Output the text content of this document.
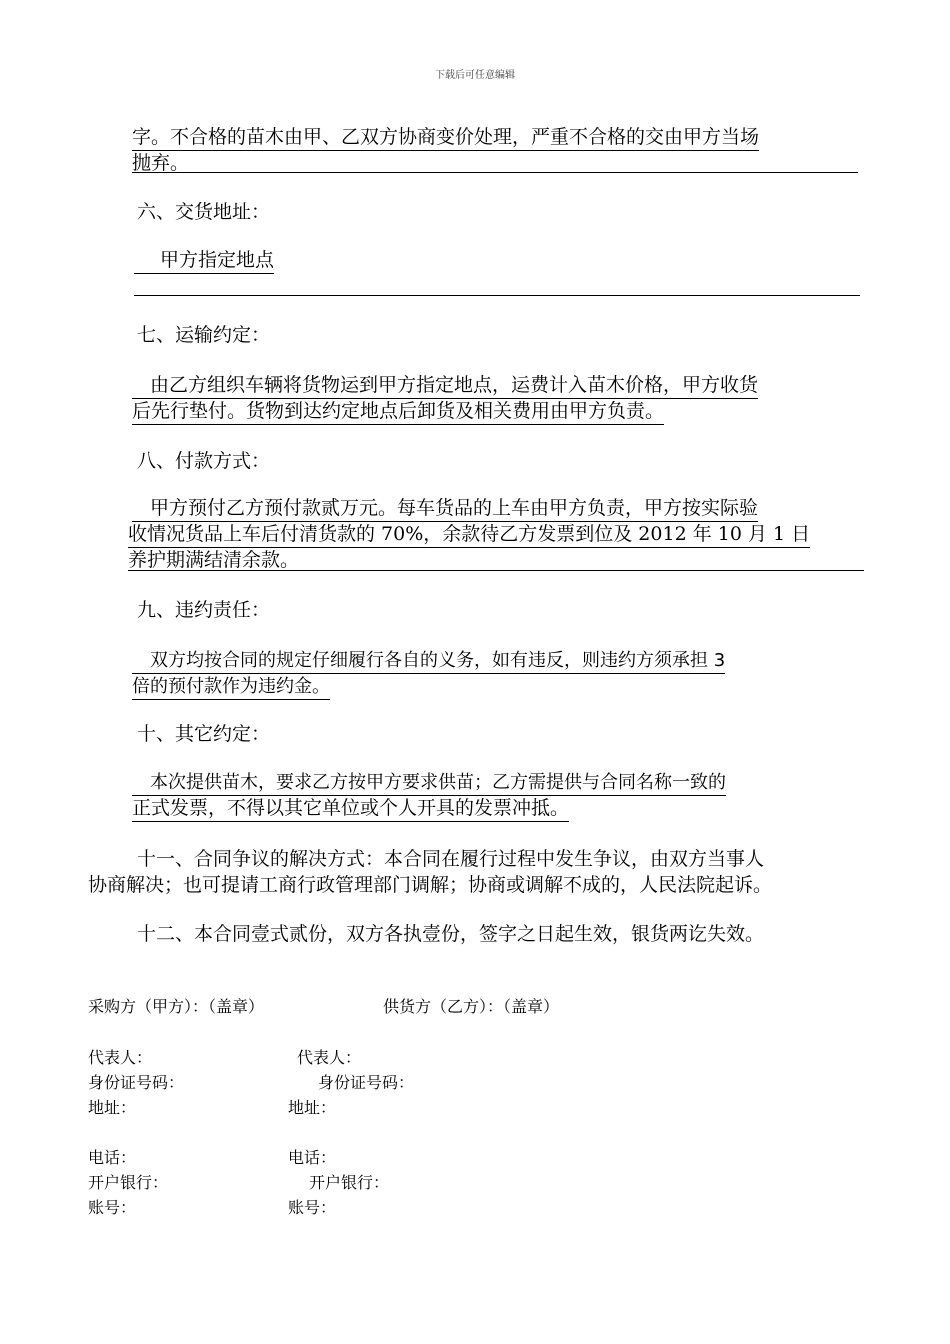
下载后可任意编辑
字。不合格的苗木由甲、乙双方协商变价处理，严重不合格的交由甲方当场
抛弃。
六、交货地址：
甲方指定地点
七、运输约定：
由乙方组织车辆将货物运到甲方指定地点，运费计入苗木价格，甲方收货
后先行垫付。货物到达约定地点后卸货及相关费用由甲方负责。
八、付款方式：
甲方预付乙方预付款贰万元。每车货品的上车由甲方负责，甲方按实际验
收情况货品上车后付清货款的 70%，余款待乙方发票到位及 2012 年 10 月 1 日
养护期满结清余款。
九、违约责任：
双方均按合同的规定仔细履行各自的义务，如有违反，则违约方须承担 3
倍的预付款作为违约金。
十、其它约定：
本次提供苗木，要求乙方按甲方要求供苗；乙方需提供与合同名称一致的
正式发票，不得以其它单位或个人开具的发票冲抵。
十一、合同争议的解决方式：本合同在履行过程中发生争议，由双方当事人
协商解决；也可提请工商行政管理部门调解；协商或调解不成的，人民法院起诉。
十二、本合同壹式贰份，双方各执壹份，签字之日起生效，银货两讫失效。
采购方（甲方）：（盖章）	供货方（乙方）：（盖章）
代表人：	代表人：
身份证号码：	身份证号码：
地址：	地址：
电话：	电话：
开户银行：	开户银行：
账号：	账号：
